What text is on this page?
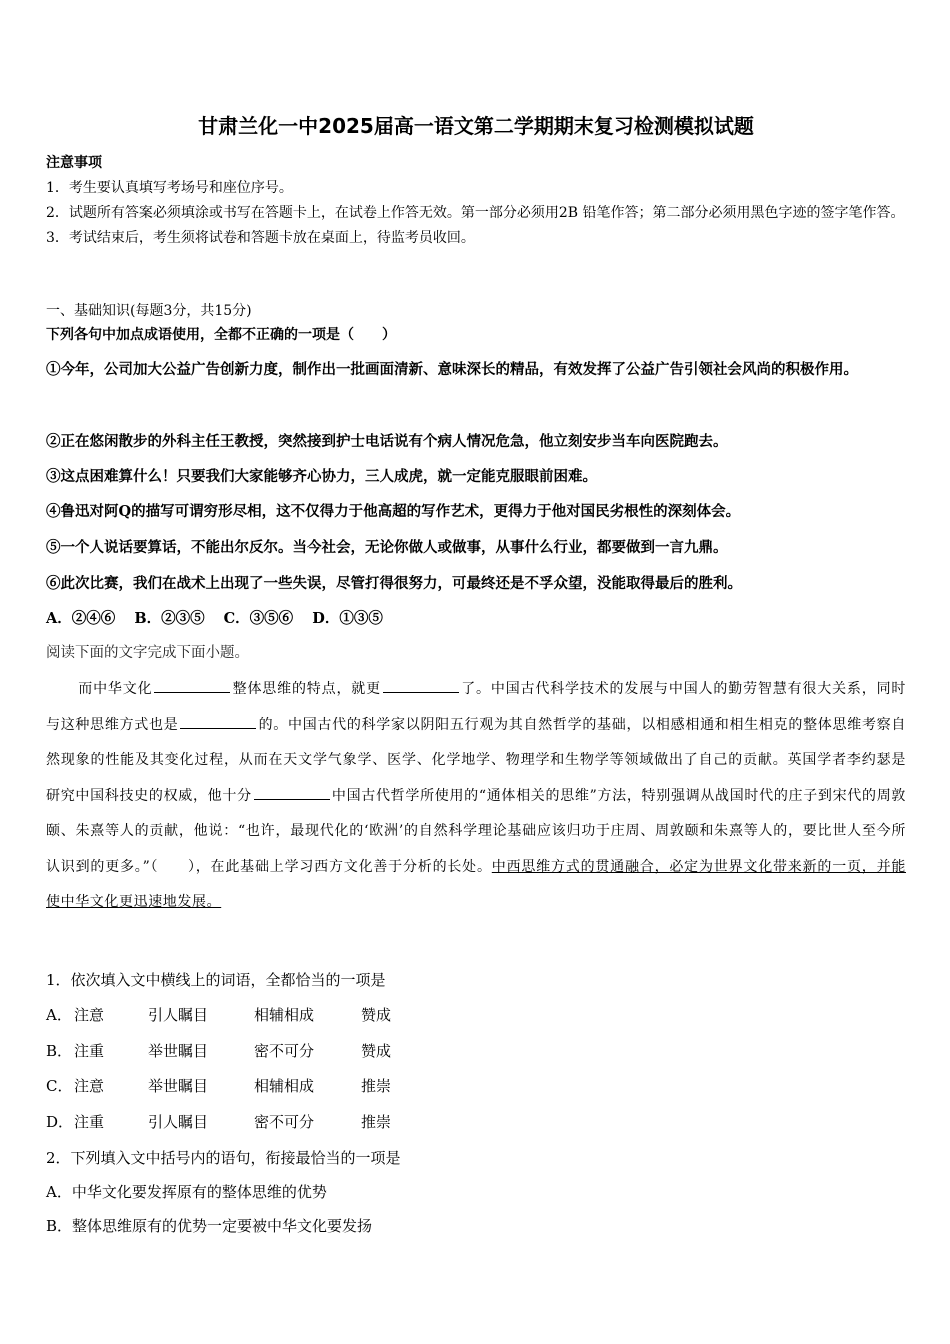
甘肃兰化一中2025届高一语文第二学期期末复习检测模拟试题
注意事项
1．考生要认真填写考场号和座位序号。
2．试题所有答案必须填涂或书写在答题卡上，在试卷上作答无效。第一部分必须用2B 铅笔作答；第二部分必须用黑色字迹的签字笔作答。
3．考试结束后，考生须将试卷和答题卡放在桌面上，待监考员收回。
一、基础知识(每题3分，共15分)
下列各句中加点成语使用，全都不正确的一项是（　　）
①今年，公司加大公益广告创新力度，制作出一批画面清新、意味深长的精品，有效发挥了公益广告引领社会风尚的积极作用。
②正在悠闲散步的外科主任王教授，突然接到护士电话说有个病人情况危急，他立刻安步当车向医院跑去。
③这点困难算什么！只要我们大家能够齐心协力，三人成虎，就一定能克服眼前困难。
④鲁迅对阿Q的描写可谓穷形尽相，这不仅得力于他高超的写作艺术，更得力于他对国民劣根性的深刻体会。
⑤一个人说话要算话，不能出尔反尔。当今社会，无论你做人或做事，从事什么行业，都要做到一言九鼎。
⑥此次比赛，我们在战术上出现了一些失误，尽管打得很努力，可最终还是不孚众望，没能取得最后的胜利。
A．②④⑥ B．②③⑤ C．③⑤⑥ D．①③⑤
阅读下面的文字完成下面小题。
而中华文化	整体思维的特点，就更	了。中国古代科学技术的发展与中国人的勤劳智慧有很大关系，同时与这种思维方式也是	的。中国古代的科学家以阴阳五行观为其自然哲学的基础，以相感相通和相生相克的整体思维考察自然现象的性能及其变化过程，从而在天文学气象学、医学、化学地学、物理学和生物学等领域做出了自己的贡献。英国学者李约瑟是研究中国科技史的权威，他十分	中国古代哲学所使用的“通体相关的思维”方法，特别强调从战国时代的庄子到宋代的周敦颐、朱熹等人的贡献，他说：“也许，最现代化的‘欧洲’的自然科学理论基础应该归功于庄周、周敦颐和朱熹等人的，要比世人至今所认识到的更多。”（　　），在此基础上学习西方文化善于分析的长处。中西思维方式的贯通融合，必定为世界文化带来新的一页，并能使中华文化更迅速地发展。
1．依次填入文中横线上的词语，全都恰当的一项是
A． 注意	引人瞩目	相辅相成	赞成
B． 注重	举世瞩目	密不可分	赞成
C． 注意	举世瞩目	相辅相成	推崇
D．注重	引人瞩目	密不可分	推崇
2．下列填入文中括号内的语句，衔接最恰当的一项是
A．中华文化要发挥原有的整体思维的优势
B．整体思维原有的优势一定要被中华文化要发扬
